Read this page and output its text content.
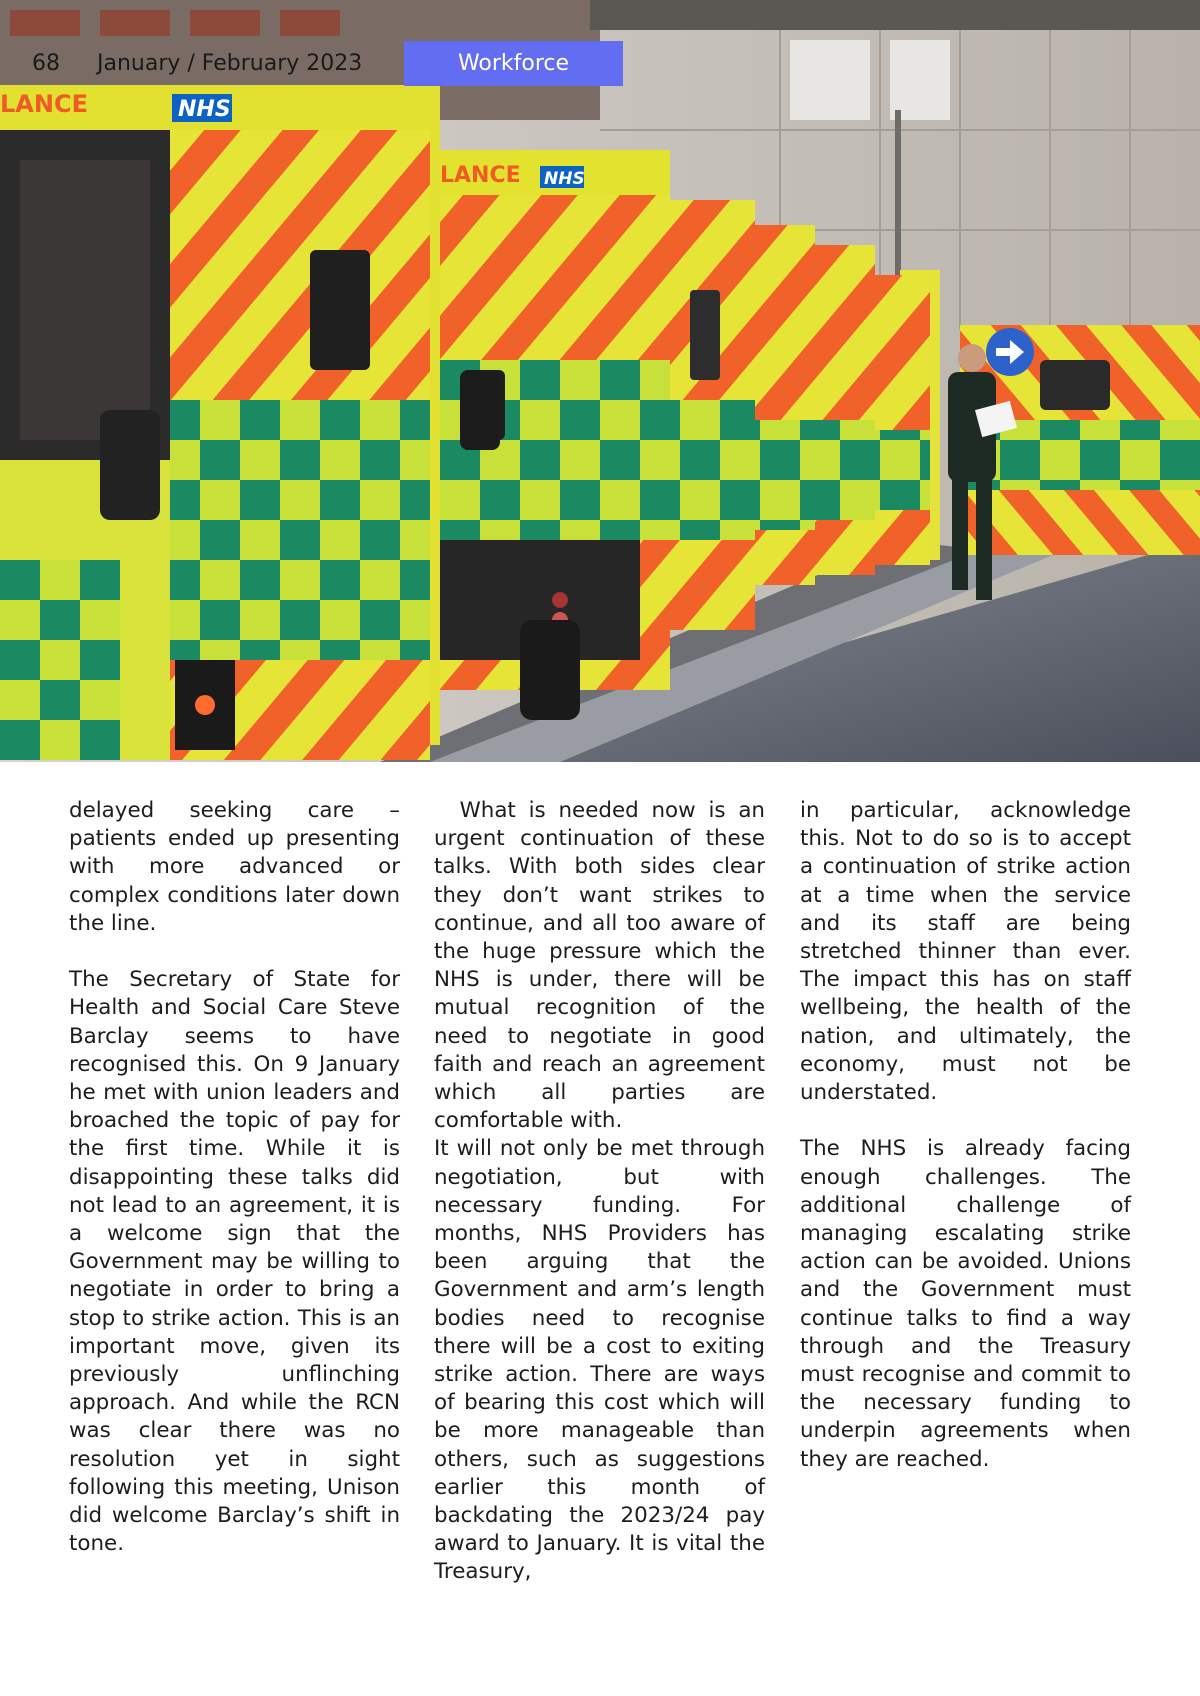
LANCE NHS
LANCE	NHS
68 January / February 2023	Workforce

delayed seeking care – patients ended up presenting with more advanced or complex conditions later down the line.

The Secretary of State for Health and Social Care Steve Barclay seems to have recognised this. On 9 January he met with union leaders and broached the topic of pay for the first time. While it is disappointing these talks did not lead to an agreement, it is a welcome sign that the Government may be willing to negotiate in order to bring a stop to strike action. This is an important move, given its previously unflinching approach. And while the RCN was clear there was no resolution yet in sight following this meeting, Unison did welcome Barclay’s shift in tone.

What is needed now is an urgent continuation of these talks. With both sides clear they don’t want strikes to continue, and all too aware of the huge pressure which the NHS is under, there will be mutual recognition of the need to negotiate in good faith and reach an agreement which all parties are comfortable with.

It will not only be met through negotiation, but with necessary funding. For months, NHS Providers has been arguing that the Government and arm’s length bodies need to recognise there will be a cost to exiting strike action. There are ways of bearing this cost which will be more manageable than others, such as suggestions earlier this month of backdating the 2023/24 pay award to January. It is vital the Treasury,

in particular, acknowledge this. Not to do so is to accept a continuation of strike action at a time when the service and its staff are being stretched thinner than ever. The impact this has on staff wellbeing, the health of the nation, and ultimately, the economy, must not be understated.

The NHS is already facing enough challenges. The additional challenge of managing escalating strike action can be avoided. Unions and the Government must continue talks to find a way through and the Treasury must recognise and commit to the necessary funding to underpin agreements when they are reached.
